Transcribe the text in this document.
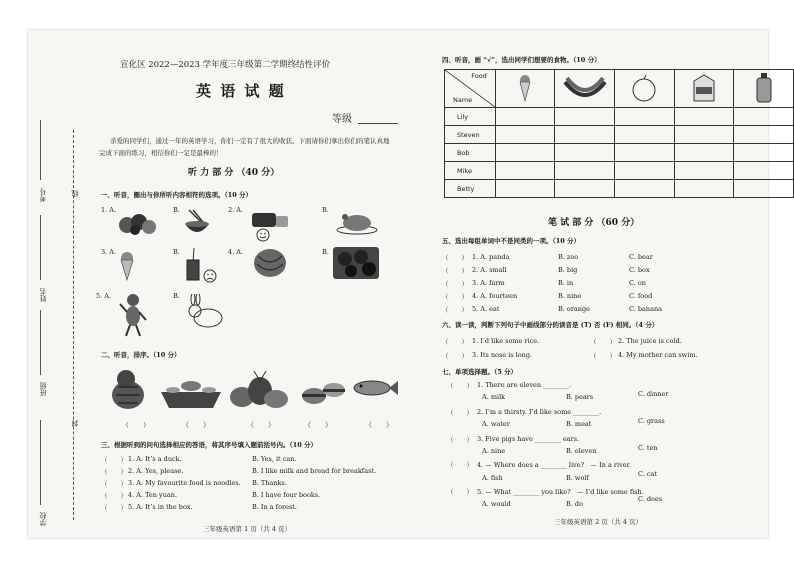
考号	线
姓名
班级
封
学校
宣化区 2022—2023 学年度三年级第二学期终结性评价
英 语 试 题
等级
亲爱的同学们，通过一年的英语学习，你们一定有了很大的收获。下面请你们拿出你们的笔认真地
完成下面的练习，相信你们一定是最棒的！
听 力 部 分 （40 分）
一、听音，圈出与你所听内容相符的选项。（10 分）
1. A.	B.	2. A.	B.
3. A.	B.	4. A.	B.
5. A.	B.
二、听音，排序。（10 分）
（　　）	（　　）	（　　）	（　　）	（　　）
三、根据听到的问句选择相应的答语，将其序号填入题前括号内。（10 分）
（　　） 1. A. It’s a duck.	B. Yes, it can.
（　　） 2. A. Yes, please.	B. I like milk and bread for breakfast.
（　　） 3. A. My favourite food is noodles. B. Thanks.
（　　） 4. A. Ten yuan.	B. I have four books.
（　　） 5. A. It’s in the box.	B. In a forest.
三年级英语第 1 页（共 4 页）
四、听音，画 “√”，选出同学们想要的食物。（10 分）
Food
Name

Lily					
Steven					
Bob					
Mike					
Betty					
笔 试 部 分 （60 分）
五、选出每组单词中不是同类的一项。（10 分）
（　　） 1. A. panda	B. zoo	C. bear
（　　） 2. A. small	B. big	C. box
（　　） 3. A. farm	B. in	C. on
（　　） 4. A. fourteen	B. nine	C. food
（　　） 5. A. eat	B. orange	C. banana
六、读一读，判断下列句子中画线部分的读音是 (T) 否 (F) 相同。（4 分）
（　　） 1. I’d like some rice.	（　　） 2. The juice is cold.
（　　） 3. Its nose is long.	（　　） 4. My mother can swim.
七、单项选择题。（5 分）
（　　） 1. There are eleven ________.
A. milk	B. pears	C. dinner
（　　） 2. I’m a thirsty. I’d like some ________.
A. water	B. meat	C. grass
（　　） 3. Five pigs have ________ ears.
A. nine	B. eleven	C. ten
（　　） 4. — Where does a ________ live?　— In a river.
A. fish	B. wolf	C. cat
（　　） 5. — What ________ you like?　— I’d like some fish.
A. would	B. do
C. does
三年级英语第 2 页（共 4 页）
